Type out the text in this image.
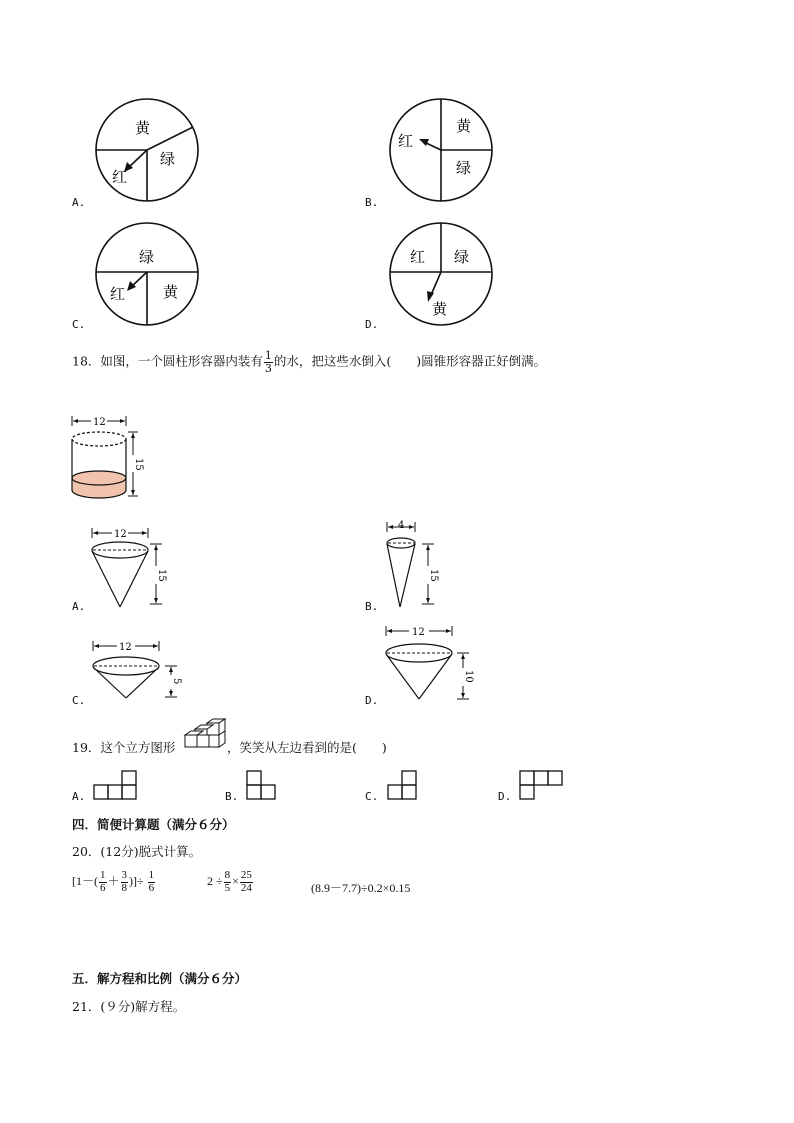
黄
绿
红
A.
红
黄
绿
B.
绿
红	黄
C.
红 绿
黄
D.
18．如图，一个圆柱形容器内装有 $\frac{1}{3}$ 的水，把这些水倒入(　　)圆锥形容器正好倒满。
12
15
12
15
A.
4
15
B.
12
5
C.
12
10
D.
19．这个立方图形	，笑笑从左边看到的是(　　)
A.	B.	C.	D.
四．简便计算题（满分６分）
20．(12分)脱式计算。
[$1-( \frac{1}{6} + \frac{3}{8}$ )]÷ $\frac{1}{6}$	$2 \div \frac{8}{5} \times \frac{25}{24}$	(8.9－7.7)÷0.2×0.15
五．解方程和比例（满分６分）
21．(９分)解方程。
